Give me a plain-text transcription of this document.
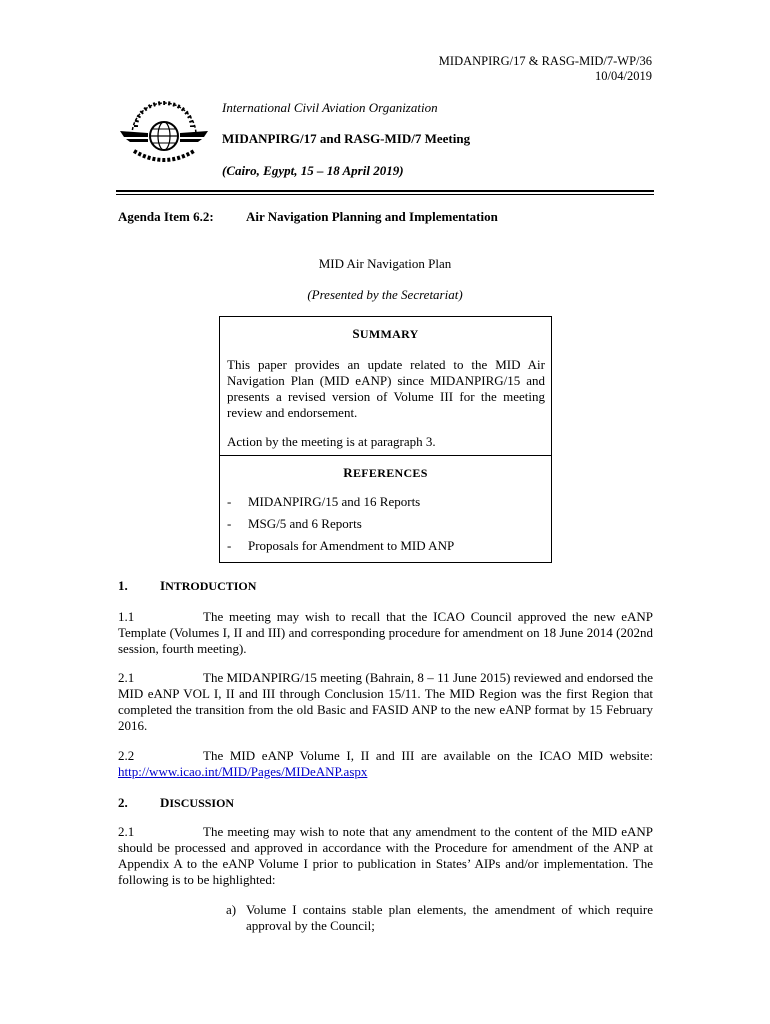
MIDANPIRG/17 & RASG-MID/7-WP/36
10/04/2019
International Civil Aviation Organization
MIDANPIRG/17 and RASG-MID/7 Meeting
(Cairo, Egypt, 15 – 18 April 2019)
Agenda Item 6.2: Air Navigation Planning and Implementation
MID Air Navigation Plan
(Presented by the Secretariat)
SUMMARY
This paper provides an update related to the MID Air Navigation Plan (MID eANP) since MIDANPIRG/15 and presents a revised version of Volume III for the meeting review and endorsement.
Action by the meeting is at paragraph 3.
REFERENCES
- MIDANPIRG/15 and 16 Reports
- MSG/5 and 6 Reports
- Proposals for Amendment to MID ANP
1. INTRODUCTION
1.1	The meeting may wish to recall that the ICAO Council approved the new eANP Template (Volumes I, II and III) and corresponding procedure for amendment on 18 June 2014 (202nd session, fourth meeting).
2.1	The MIDANPIRG/15 meeting (Bahrain, 8 – 11 June 2015) reviewed and endorsed the MID eANP VOL I, II and III through Conclusion 15/11. The MID Region was the first Region that completed the transition from the old Basic and FASID ANP to the new eANP format by 15 February 2016.
2.2	The MID eANP Volume I, II and III are available on the ICAO MID website: http://www.icao.int/MID/Pages/MIDeANP.aspx
2. DISCUSSION
2.1	The meeting may wish to note that any amendment to the content of the MID eANP should be processed and approved in accordance with the Procedure for amendment of the ANP at Appendix A to the eANP Volume I prior to publication in States’ AIPs and/or implementation. The following is to be highlighted:
a) Volume I contains stable plan elements, the amendment of which require approval by the Council;
